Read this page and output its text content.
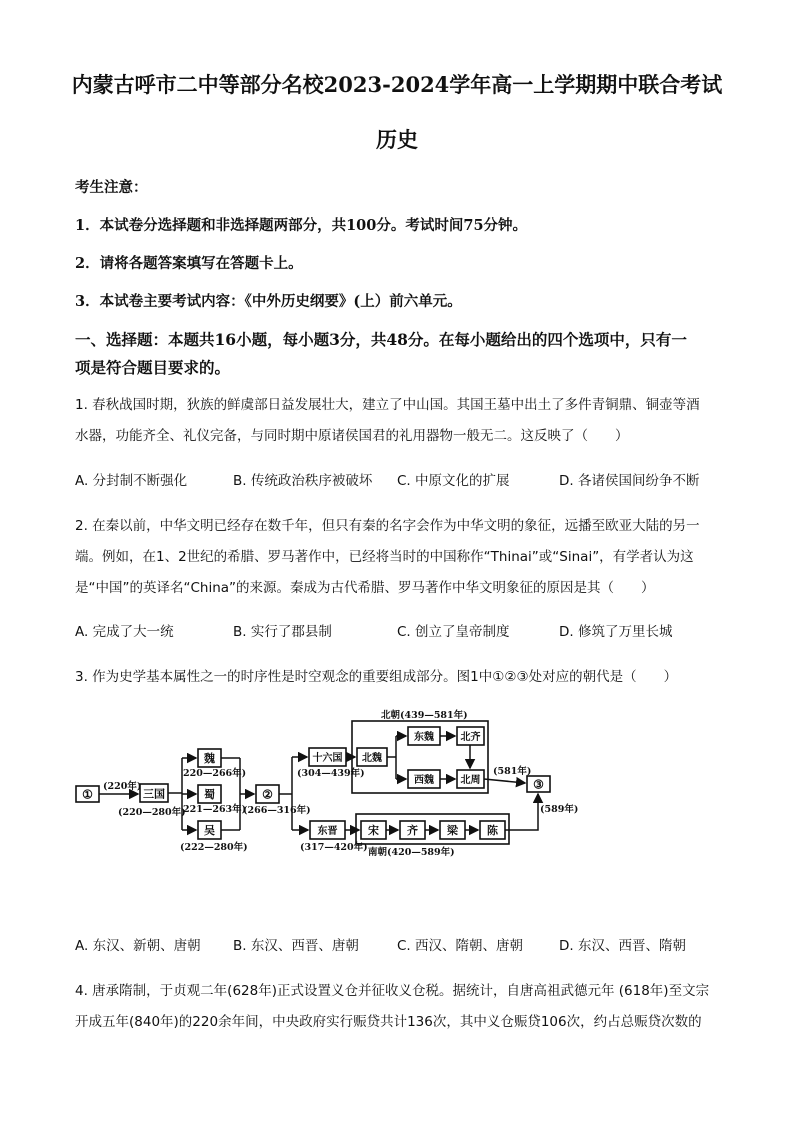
内蒙古呼市二中等部分名校2023-2024学年高一上学期期中联合考试
历史
考生注意：
1．本试卷分选择题和非选择题两部分，共100分。考试时间75分钟。
2．请将各题答案填写在答题卡上。
3．本试卷主要考试内容：《中外历史纲要》(上）前六单元。
一、选择题：本题共16小题，每小题3分，共48分。在每小题给出的四个选项中，只有一
项是符合题目要求的。
1. 春秋战国时期，狄族的鲜虞部日益发展壮大，建立了中山国。其国王墓中出土了多件青铜鼎、铜壶等酒
水器，功能齐全、礼仪完备，与同时期中原诸侯国君的礼用器物一般无二。这反映了（　　）
A. 分封制不断强化	B. 传统政治秩序被破坏 C. 中原文化的扩展	D. 各诸侯国间纷争不断
2. 在秦以前，中华文明已经存在数千年，但只有秦的名字会作为中华文明的象征，远播至欧亚大陆的另一
端。例如，在1、2世纪的希腊、罗马著作中，已经将当时的中国称作“Thinai”或“Sinai”，有学者认为这
是“中国”的英译名“China”的来源。秦成为古代希腊、罗马著作中华文明象征的原因是其（　　）
A. 完成了大一统	B. 实行了郡县制	C. 创立了皇帝制度	D. 修筑了万里长城
3. 作为史学基本属性之一的时序性是时空观念的重要组成部分。图1中①②③处对应的朝代是（　　）
①	三国
魏
蜀
吴
②
十六国 北魏
东魏
西魏
北齐
北周	③
东晋	宋	齐	梁	陈
(220年)
(220—280年)
220—266年)
221—263年)
(222—280年)
(266—316年)
(304—439年)
(317—420年)
北朝(439—581年)
南朝(420—589年)
(581年)
(589年)
A. 东汉、新朝、唐朝 B. 东汉、西晋、唐朝	C. 西汉、隋朝、唐朝	D. 东汉、西晋、隋朝
4. 唐承隋制，于贞观二年(628年)正式设置义仓并征收义仓税。据统计，自唐高祖武德元年 (618年)至文宗
开成五年(840年)的220余年间，中央政府实行赈贷共计136次，其中义仓赈贷106次，约占总赈贷次数的
